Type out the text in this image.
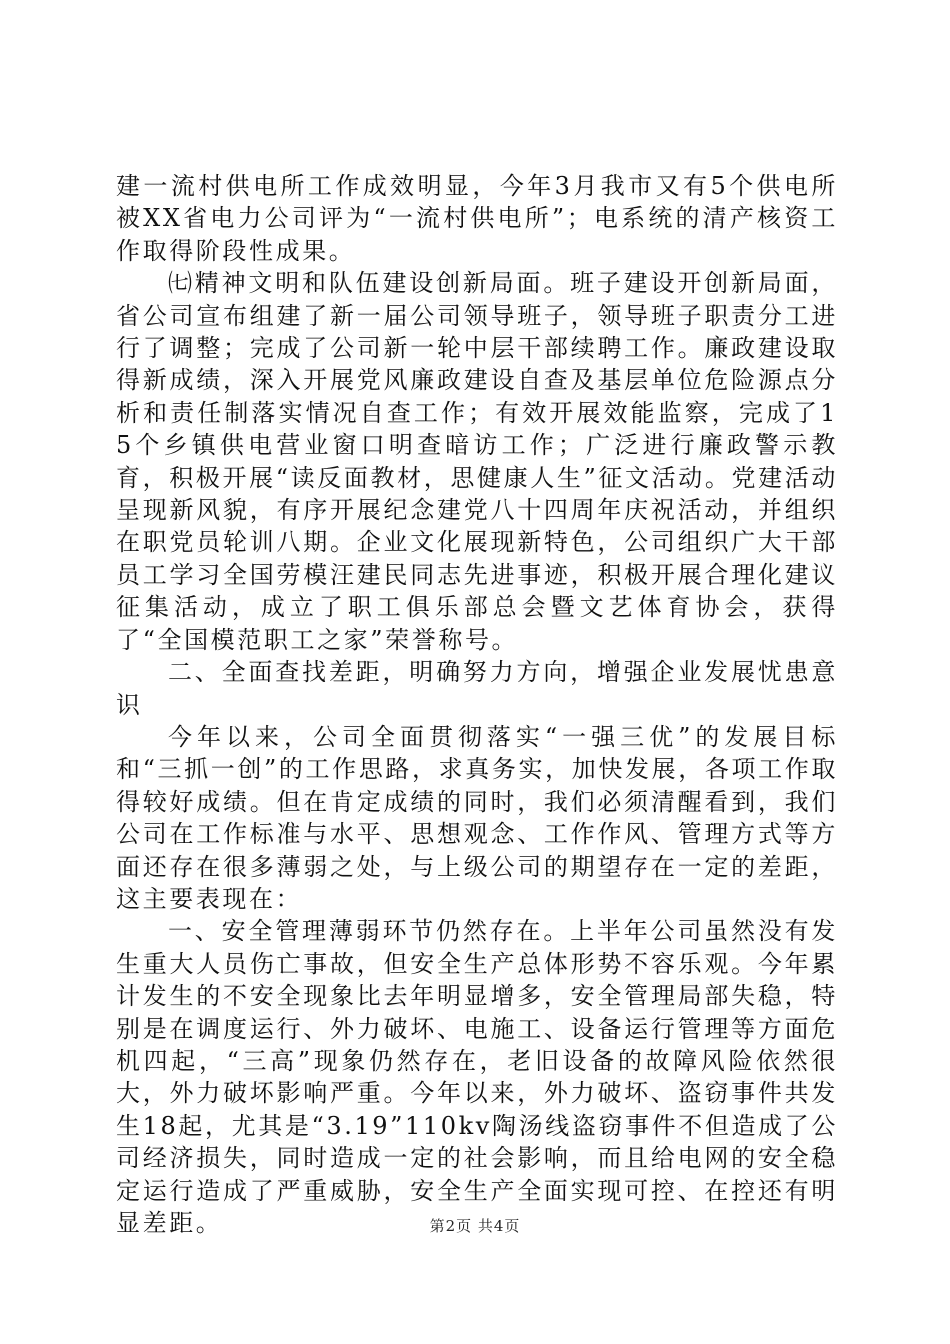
建一流村供电所工作成效明显，今年3月我市又有5个供电所被XX省电力公司评为“一流村供电所”；电系统的清产核资工作取得阶段性成果。

㈦精神文明和队伍建设创新局面。班子建设开创新局面，省公司宣布组建了新一届公司领导班子，领导班子职责分工进行了调整；完成了公司新一轮中层干部续聘工作。廉政建设取得新成绩，深入开展党风廉政建设自查及基层单位危险源点分析和责任制落实情况自查工作；有效开展效能监察，完成了15个乡镇供电营业窗口明查暗访工作；广泛进行廉政警示教育，积极开展“读反面教材，思健康人生”征文活动。党建活动呈现新风貌，有序开展纪念建党八十四周年庆祝活动，并组织在职党员轮训八期。企业文化展现新特色，公司组织广大干部员工学习全国劳模汪建民同志先进事迹，积极开展合理化建议征集活动，成立了职工俱乐部总会暨文艺体育协会，获得了“全国模范职工之家”荣誉称号。

二、全面查找差距，明确努力方向，增强企业发展忧患意识

今年以来，公司全面贯彻落实“一强三优”的发展目标和“三抓一创”的工作思路，求真务实，加快发展，各项工作取得较好成绩。但在肯定成绩的同时，我们必须清醒看到，我们公司在工作标准与水平、思想观念、工作作风、管理方式等方面还存在很多薄弱之处，与上级公司的期望存在一定的差距，这主要表现在：

一、安全管理薄弱环节仍然存在。上半年公司虽然没有发生重大人员伤亡事故，但安全生产总体形势不容乐观。今年累计发生的不安全现象比去年明显增多，安全管理局部失稳，特别是在调度运行、外力破坏、电施工、设备运行管理等方面危机四起，“三高”现象仍然存在，老旧设备的故障风险依然很大，外力破坏影响严重。今年以来，外力破坏、盗窃事件共发生18起，尤其是“3.19”110kv陶汤线盗窃事件不但造成了公司经济损失，同时造成一定的社会影响，而且给电网的安全稳定运行造成了严重威胁，安全生产全面实现可控、在控还有明显差距。	第2页 共4页
